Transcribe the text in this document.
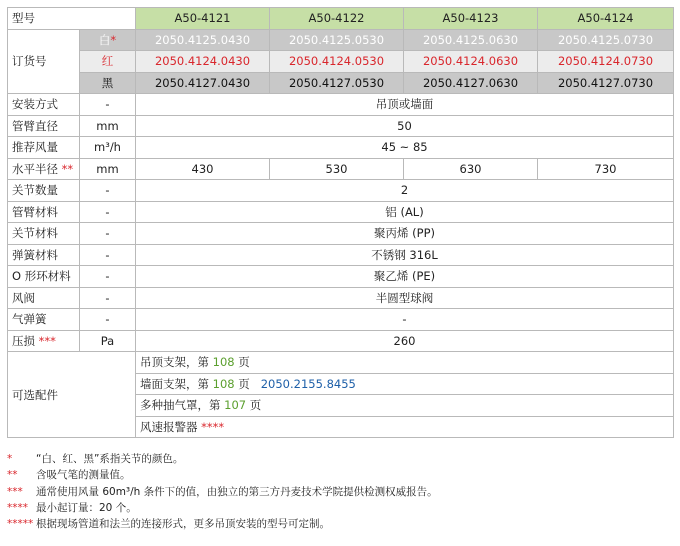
型号		A50-4121	A50-4122	A50-4123	A50-4124
订货号	白*	2050.4125.0430	2050.4125.0530	2050.4125.0630	2050.4125.0730
	红	2050.4124.0430	2050.4124.0530	2050.4124.0630	2050.4124.0730
	黑	2050.4127.0430	2050.4127.0530	2050.4127.0630	2050.4127.0730
安装方式	-	吊顶或墙面			
管臂直径	mm	50			
推荐风量	m³/h	45 ~ 85			
水平半径 **	mm	430	530	630	730
关节数量	-	2			
管臂材料	-	铝 (AL)			
关节材料	-	聚丙烯 (PP)			
弹簧材料	-	不锈钢 316L			
O 形环材料	-	聚乙烯 (PE)			
风阀	-	半圆型球阀			
气弹簧	-	-			
压损 ***	Pa	260			
可选配件		吊顶支架，第 108 页			
		墙面支架，第 108 页 2050.2155.8455			
		多种抽气罩，第 107 页			
		风速报警器 ****			
* “白、红、黑”系指关节的颜色。
** 含吸气笔的测量值。
*** 通常使用风量 60m³/h 条件下的值，由独立的第三方丹麦技术学院提供检测权威报告。
**** 最小起订量：20 个。
***** 根据现场管道和法兰的连接形式，更多吊顶安装的型号可定制。
